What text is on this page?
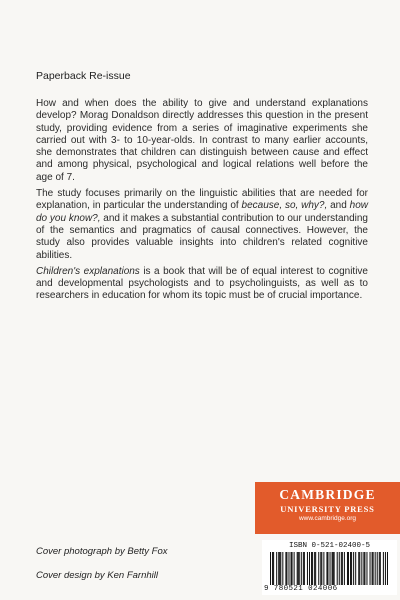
Paperback Re-issue

How and when does the ability to give and understand explanations develop? Morag Donaldson directly addresses this question in the present study, providing evidence from a series of imaginative experiments she carried out with 3- to 10-year-olds. In contrast to many earlier accounts, she demonstrates that children can distinguish between cause and effect and among physical, psychological and logical relations well before the age of 7.

The study focuses primarily on the linguistic abilities that are needed for explanation, in particular the understanding of because, so, why?, and how do you know?, and it makes a substantial contribution to our understanding of the semantics and pragmatics of causal connectives. However, the study also provides valuable insights into children's related cognitive abilities.

Children's explanations is a book that will be of equal interest to cognitive and developmental psychologists and to psycholinguists, as well as to researchers in education for whom its topic must be of crucial importance.

Cover photograph by Betty Fox
Cover design by Ken Farnhill
CAMBRIDGE
UNIVERSITY PRESS
www.cambridge.org
ISBN 0-521-02400-5
9 780521 024006
